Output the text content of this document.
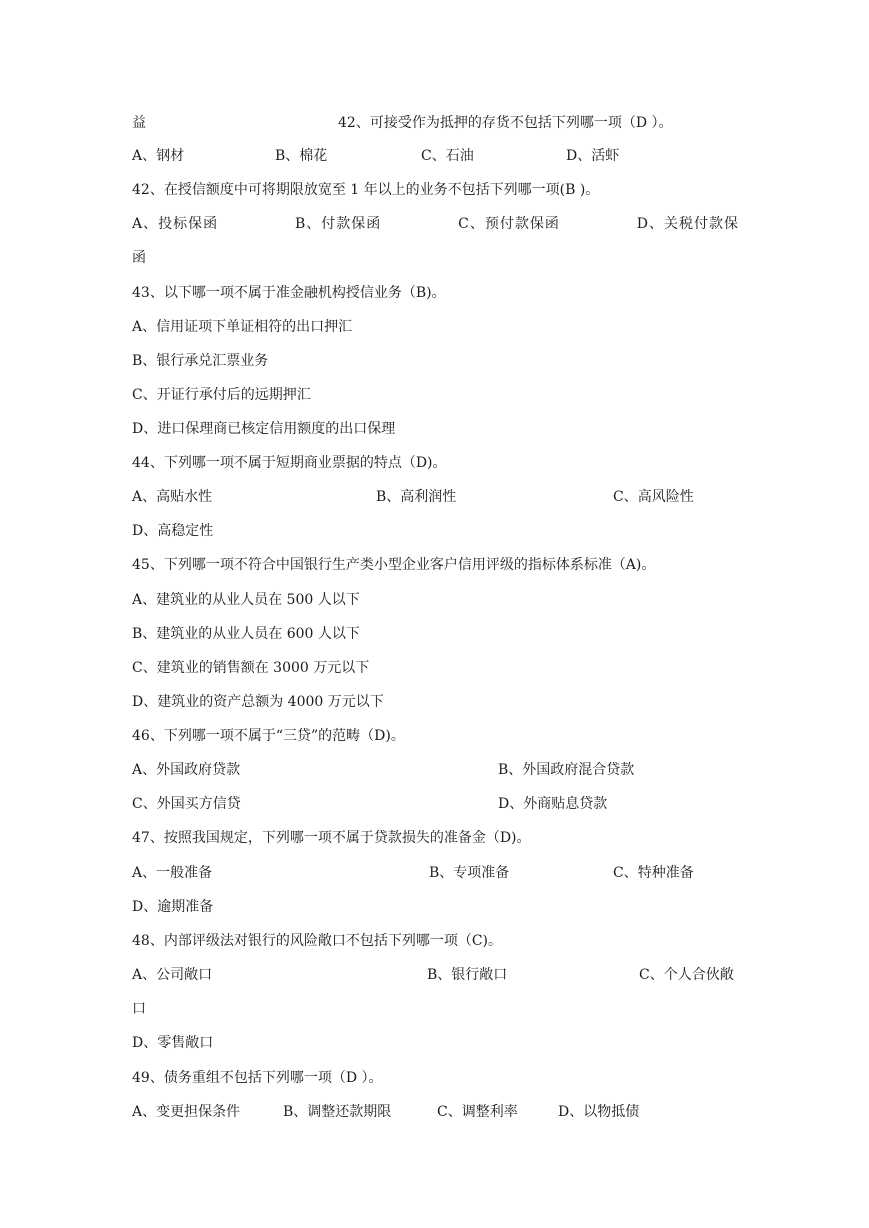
益	42、可接受作为抵押的存货不包括下列哪一项（D ）。
A、钢材	B、棉花	C、石油	D、活虾
42、在授信额度中可将期限放宽至 1 年以上的业务不包括下列哪一项(B )。
A、投标保函	B、付款保函	C、预付款保函	D、关税付款保
函
43、以下哪一项不属于准金融机构授信业务（B)。
A、信用证项下单证相符的出口押汇
B、银行承兑汇票业务
C、开证行承付后的远期押汇
D、进口保理商已核定信用额度的出口保理
44、下列哪一项不属于短期商业票据的特点（D)。
A、高贴水性	B、高利润性	C、高风险性
D、高稳定性
45、下列哪一项不符合中国银行生产类小型企业客户信用评级的指标体系标准（A)。
A、建筑业的从业人员在 500 人以下
B、建筑业的从业人员在 600 人以下
C、建筑业的销售额在 3000 万元以下
D、建筑业的资产总额为 4000 万元以下
46、下列哪一项不属于“三贷”的范畴（D)。
A、外国政府贷款	B、外国政府混合贷款
C、外国买方信贷	D、外商贴息贷款
47、按照我国规定，下列哪一项不属于贷款损失的准备金（D)。
A、一般准备	B、专项准备	C、特种准备
D、逾期准备
48、内部评级法对银行的风险敞口不包括下列哪一项（C)。
A、公司敞口	B、银行敞口	C、个人合伙敞
口
D、零售敞口
49、债务重组不包括下列哪一项（D ）。
A、变更担保条件	B、调整还款期限	C、调整利率	D、以物抵债
